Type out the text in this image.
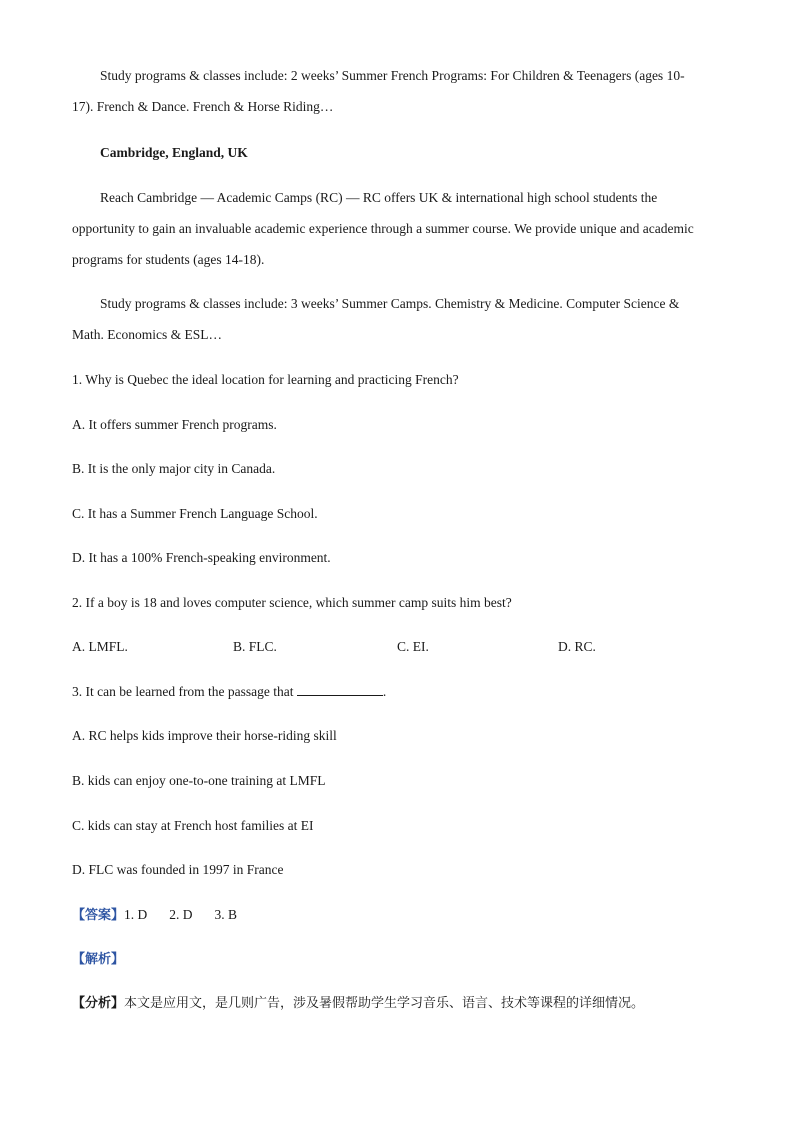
Study programs & classes include: 2 weeks’ Summer French Programs: For Children & Teenagers (ages 10-
17). French & Dance. French & Horse Riding…
Cambridge, England, UK
Reach Cambridge — Academic Camps (RC) — RC offers UK & international high school students the
opportunity to gain an invaluable academic experience through a summer course. We provide unique and academic
programs for students (ages 14-18).
Study programs & classes include: 3 weeks’ Summer Camps. Chemistry & Medicine. Computer Science &
Math. Economics & ESL…
1. Why is Quebec the ideal location for learning and practicing French?
A. It offers summer French programs.
B. It is the only major city in Canada.
C. It has a Summer French Language School.
D. It has a 100% French-speaking environment.
2. If a boy is 18 and loves computer science, which summer camp suits him best?
A. LMFL.	B. FLC.	C. EI.	D. RC.
3. It can be learned from the passage that	.
A. RC helps kids improve their horse-riding skill
B. kids can enjoy one-to-one training at LMFL
C. kids can stay at French host families at EI
D. FLC was founded in 1997 in France
【答案】1. D 2. D 3. B
【解析】
【分析】本文是应用文，是几则广告，涉及暑假帮助学生学习音乐、语言、技术等课程的详细情况。
